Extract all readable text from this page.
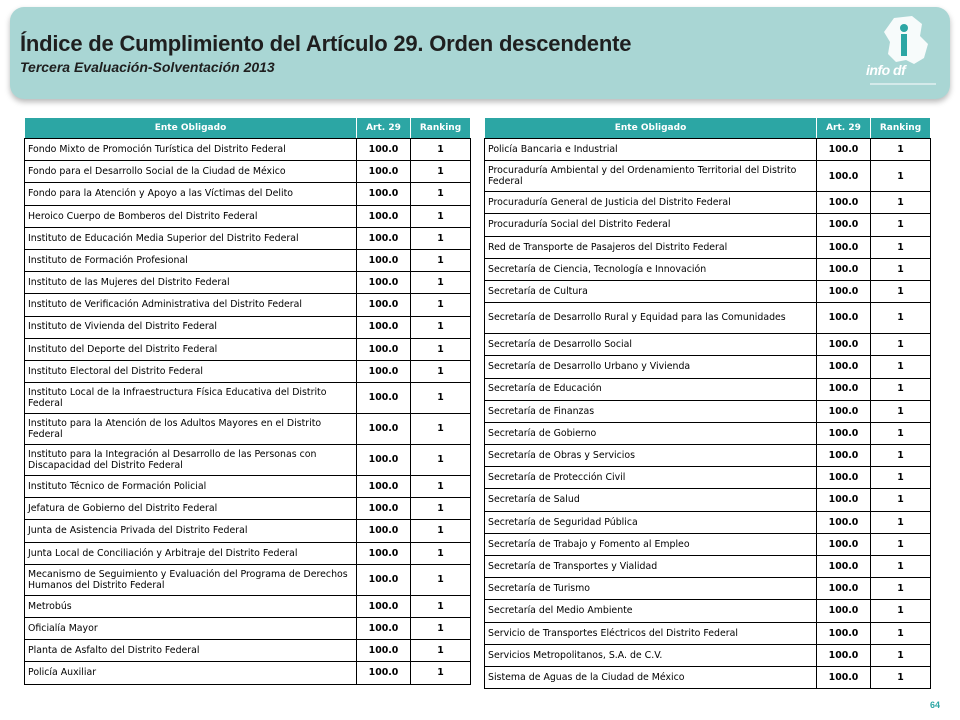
Índice de Cumplimiento del Artículo 29. Orden descendente
Tercera Evaluación-Solventación 2013	info df
Ente Obligado	Art. 29	Ranking
Fondo Mixto de Promoción Turística del Distrito Federal	100.0	1
Fondo para el Desarrollo Social de la Ciudad de México	100.0	1
Fondo para la Atención y Apoyo a las Víctimas del Delito	100.0	1
Heroico Cuerpo de Bomberos del Distrito Federal	100.0	1
Instituto de Educación Media Superior del Distrito Federal	100.0	1
Instituto de Formación Profesional	100.0	1
Instituto de las Mujeres del Distrito Federal	100.0	1
Instituto de Verificación Administrativa del Distrito Federal	100.0	1
Instituto de Vivienda del Distrito Federal	100.0	1
Instituto del Deporte del Distrito Federal	100.0	1
Instituto Electoral del Distrito Federal	100.0	1
Instituto Local de la Infraestructura Física Educativa del Distrito Federal	100.0	1
Instituto para la Atención de los Adultos Mayores en el Distrito Federal	100.0	1
Instituto para la Integración al Desarrollo de las Personas con Discapacidad del Distrito Federal	100.0	1
Instituto Técnico de Formación Policial	100.0	1
Jefatura de Gobierno del Distrito Federal	100.0	1
Junta de Asistencia Privada del Distrito Federal	100.0	1
Junta Local de Conciliación y Arbitraje del Distrito Federal	100.0	1
Mecanismo de Seguimiento y Evaluación del Programa de Derechos Humanos del Distrito Federal	100.0	1
Metrobús	100.0	1
Oficialía Mayor	100.0	1
Planta de Asfalto del Distrito Federal	100.0	1
Policía Auxiliar	100.0	1
Ente Obligado	Art. 29	Ranking
Policía Bancaria e Industrial	100.0	1
Procuraduría Ambiental y del Ordenamiento Territorial del Distrito Federal	100.0	1
Procuraduría General de Justicia del Distrito Federal	100.0	1
Procuraduría Social del Distrito Federal	100.0	1
Red de Transporte de Pasajeros del Distrito Federal	100.0	1
Secretaría de Ciencia, Tecnología e Innovación	100.0	1
Secretaría de Cultura	100.0	1
Secretaría de Desarrollo Rural y Equidad para las Comunidades	100.0	1
Secretaría de Desarrollo Social	100.0	1
Secretaría de Desarrollo Urbano y Vivienda	100.0	1
Secretaría de Educación	100.0	1
Secretaría de Finanzas	100.0	1
Secretaría de Gobierno	100.0	1
Secretaría de Obras y Servicios	100.0	1
Secretaría de Protección Civil	100.0	1
Secretaría de Salud	100.0	1
Secretaría de Seguridad Pública	100.0	1
Secretaría de Trabajo y Fomento al Empleo	100.0	1
Secretaría de Transportes y Vialidad	100.0	1
Secretaría de Turismo	100.0	1
Secretaría del Medio Ambiente	100.0	1
Servicio de Transportes Eléctricos del Distrito Federal	100.0	1
Servicios Metropolitanos, S.A. de C.V.	100.0	1
Sistema de Aguas de la Ciudad de México	100.0	1
64
